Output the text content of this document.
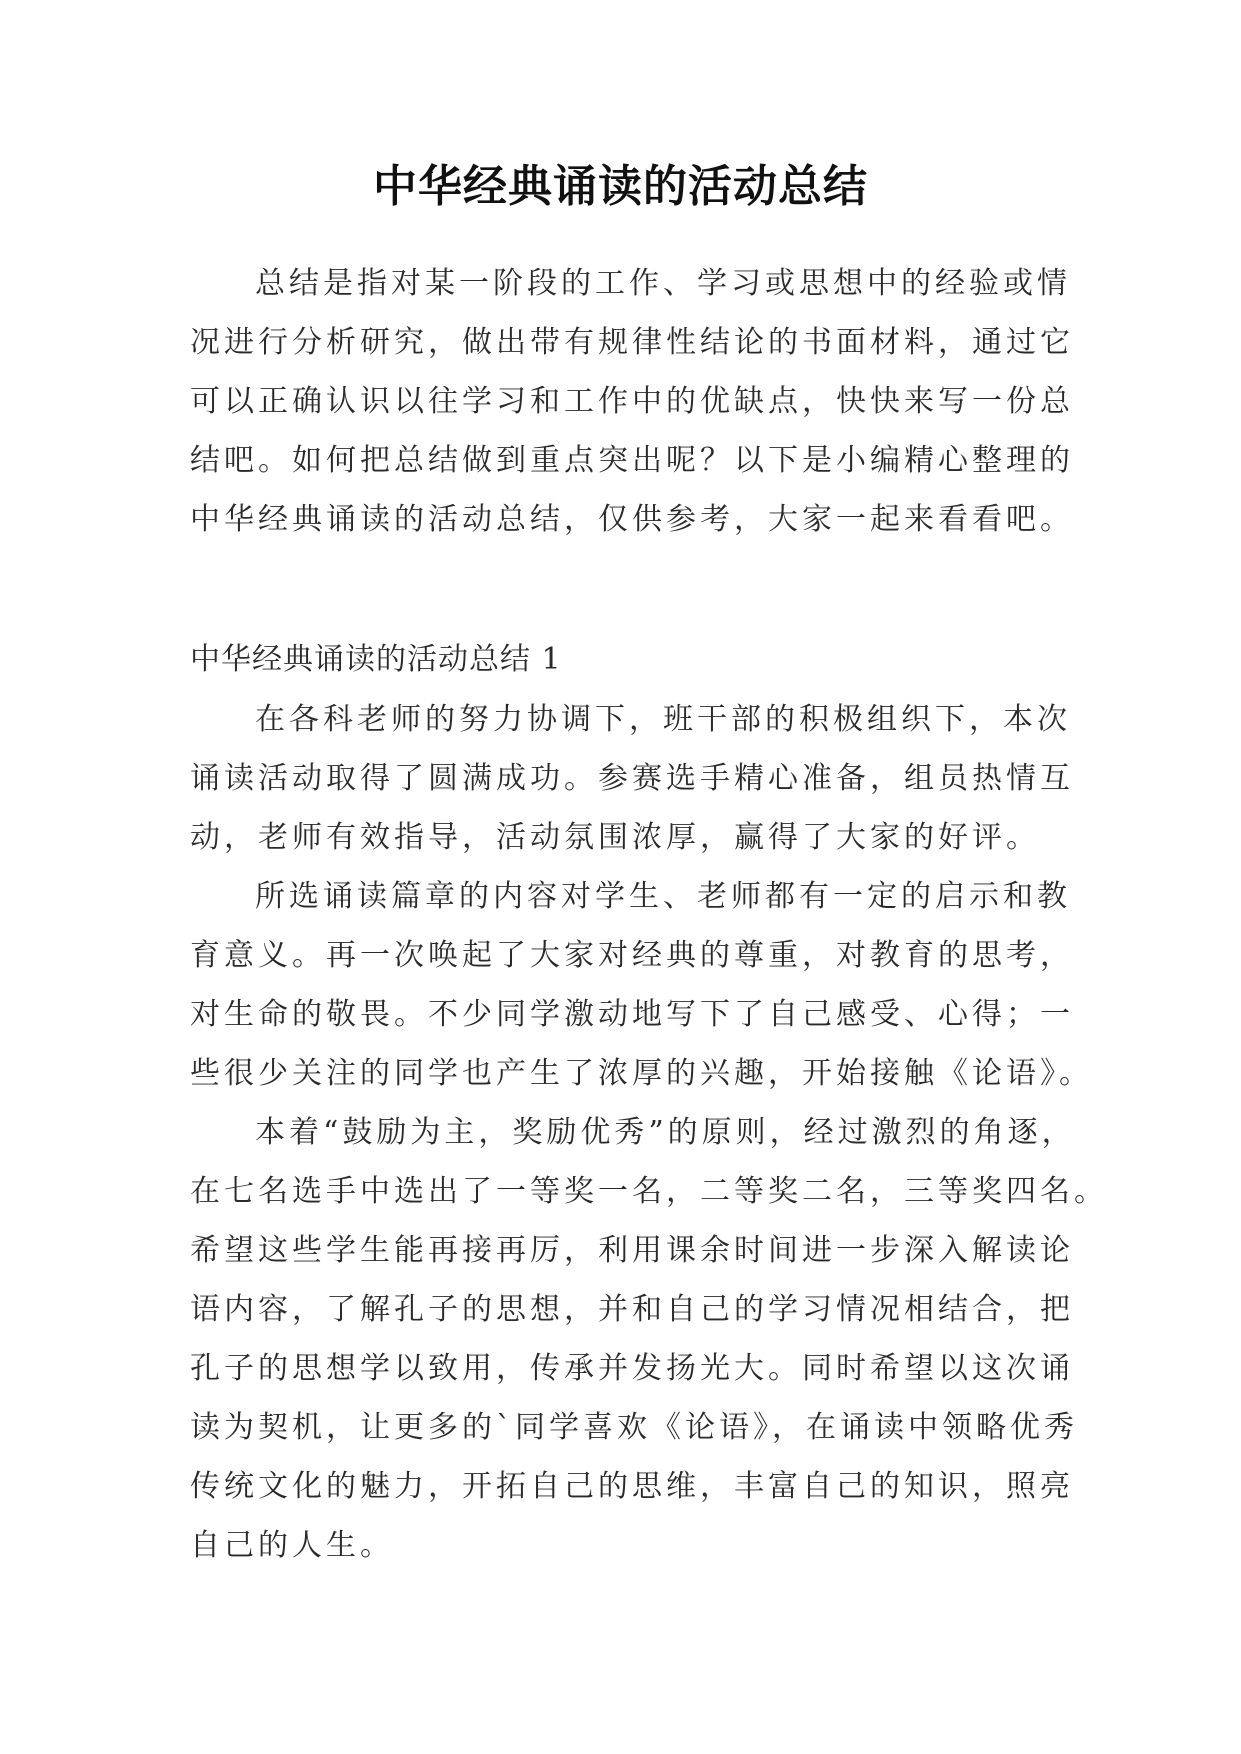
中华经典诵读的活动总结
总结是指对某一阶段的工作、学习或思想中的经验或情
况进行分析研究，做出带有规律性结论的书面材料，通过它
可以正确认识以往学习和工作中的优缺点，快快来写一份总
结吧。如何把总结做到重点突出呢？以下是小编精心整理的
中华经典诵读的活动总结，仅供参考，大家一起来看看吧。
中华经典诵读的活动总结 1
在各科老师的努力协调下，班干部的积极组织下，本次
诵读活动取得了圆满成功。参赛选手精心准备，组员热情互
动，老师有效指导，活动氛围浓厚，赢得了大家的好评。
所选诵读篇章的内容对学生、老师都有一定的启示和教
育意义。再一次唤起了大家对经典的尊重，对教育的思考，
对生命的敬畏。不少同学激动地写下了自己感受、心得；一
些很少关注的同学也产生了浓厚的兴趣，开始接触《论语》。
本着“鼓励为主，奖励优秀”的原则，经过激烈的角逐，
在七名选手中选出了一等奖一名，二等奖二名，三等奖四名。
希望这些学生能再接再厉，利用课余时间进一步深入解读论
语内容，了解孔子的思想，并和自己的学习情况相结合，把
孔子的思想学以致用，传承并发扬光大。同时希望以这次诵
读为契机，让更多的`同学喜欢《论语》，在诵读中领略优秀
传统文化的魅力，开拓自己的思维，丰富自己的知识，照亮
自己的人生。
